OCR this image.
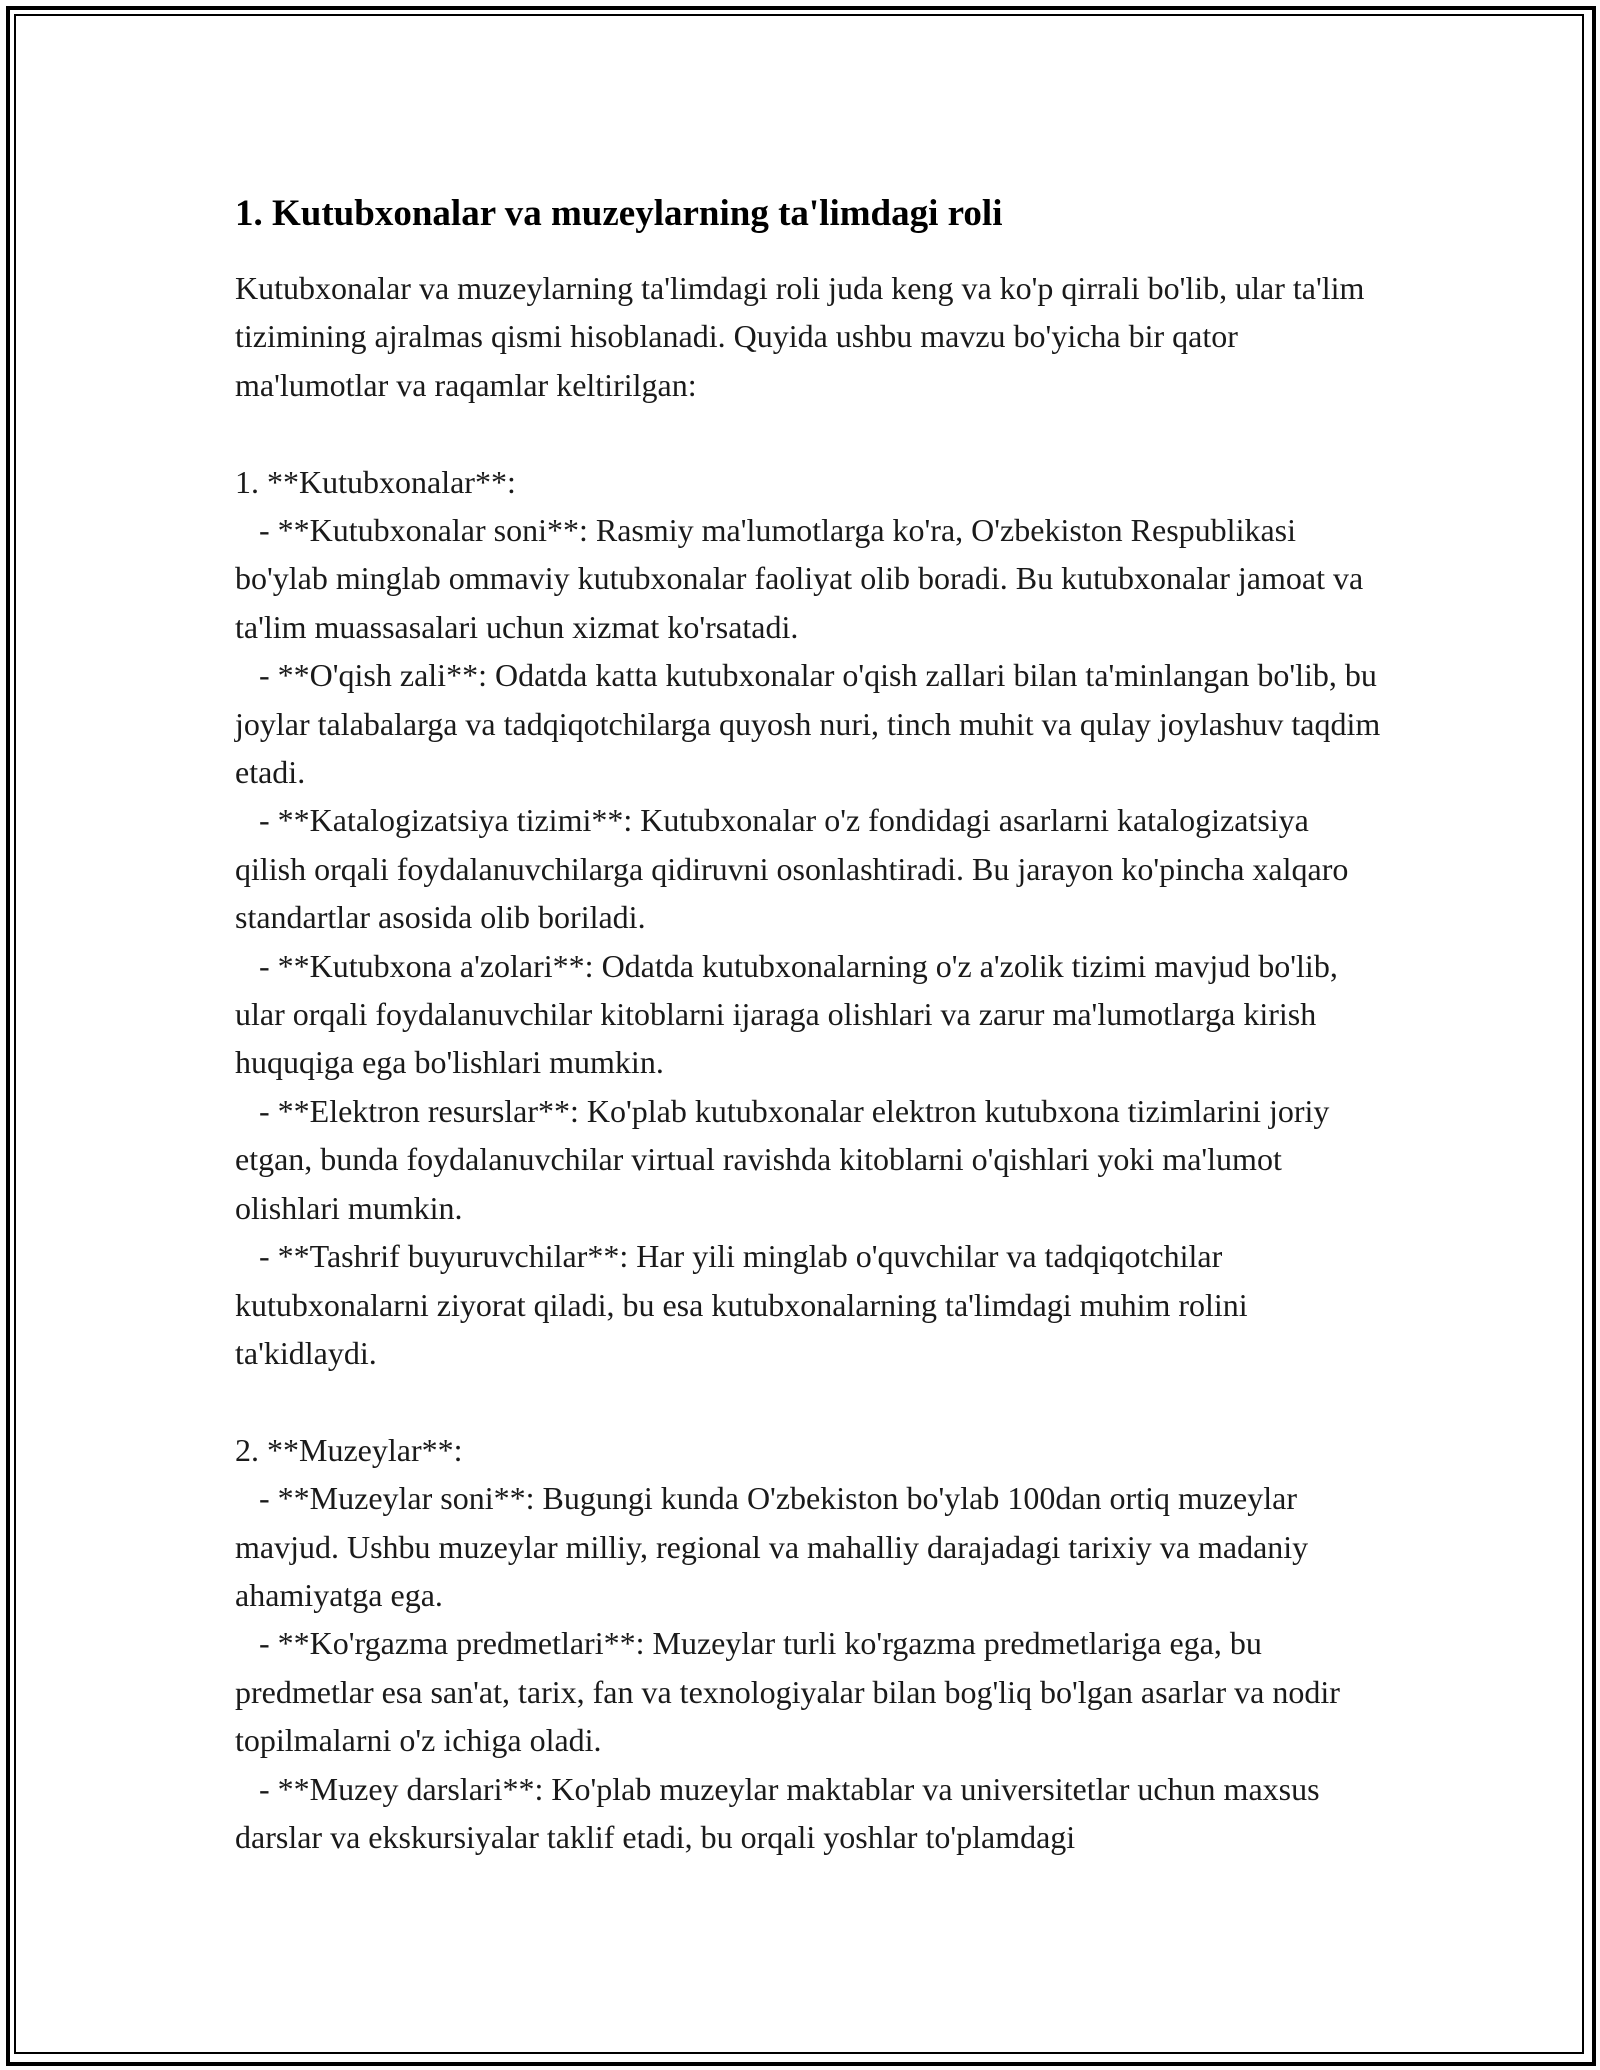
1. Kutubxonalar va muzeylarning ta'limdagi roli

Kutubxonalar va muzeylarning ta'limdagi roli juda keng va ko'p qirrali bo'lib, ular ta'lim tizimining ajralmas qismi hisoblanadi. Quyida ushbu mavzu bo'yicha bir qator ma'lumotlar va raqamlar keltirilgan:

1. **Kutubxonalar**:
- **Kutubxonalar soni**: Rasmiy ma'lumotlarga ko'ra, O'zbekiston Respublikasi bo'ylab minglab ommaviy kutubxonalar faoliyat olib boradi. Bu kutubxonalar jamoat va ta'lim muassasalari uchun xizmat ko'rsatadi.
- **O'qish zali**: Odatda katta kutubxonalar o'qish zallari bilan ta'minlangan bo'lib, bu joylar talabalarga va tadqiqotchilarga quyosh nuri, tinch muhit va qulay joylashuv taqdim etadi.
- **Katalogizatsiya tizimi**: Kutubxonalar o'z fondidagi asarlarni katalogizatsiya qilish orqali foydalanuvchilarga qidiruvni osonlashtiradi. Bu jarayon ko'pincha xalqaro standartlar asosida olib boriladi.
- **Kutubxona a'zolari**: Odatda kutubxonalarning o'z a'zolik tizimi mavjud bo'lib, ular orqali foydalanuvchilar kitoblarni ijaraga olishlari va zarur ma'lumotlarga kirish huquqiga ega bo'lishlari mumkin.
- **Elektron resurslar**: Ko'plab kutubxonalar elektron kutubxona tizimlarini joriy etgan, bunda foydalanuvchilar virtual ravishda kitoblarni o'qishlari yoki ma'lumot olishlari mumkin.
- **Tashrif buyuruvchilar**: Har yili minglab o'quvchilar va tadqiqotchilar kutubxonalarni ziyorat qiladi, bu esa kutubxonalarning ta'limdagi muhim rolini ta'kidlaydi.
2. **Muzeylar**:
- **Muzeylar soni**: Bugungi kunda O'zbekiston bo'ylab 100dan ortiq muzeylar mavjud. Ushbu muzeylar milliy, regional va mahalliy darajadagi tarixiy va madaniy ahamiyatga ega.
- **Ko'rgazma predmetlari**: Muzeylar turli ko'rgazma predmetlariga ega, bu predmetlar esa san'at, tarix, fan va texnologiyalar bilan bog'liq bo'lgan asarlar va nodir topilmalarni o'z ichiga oladi.
- **Muzey darslari**: Ko'plab muzeylar maktablar va universitetlar uchun maxsus darslar va ekskursiyalar taklif etadi, bu orqali yoshlar to'plamdagi
